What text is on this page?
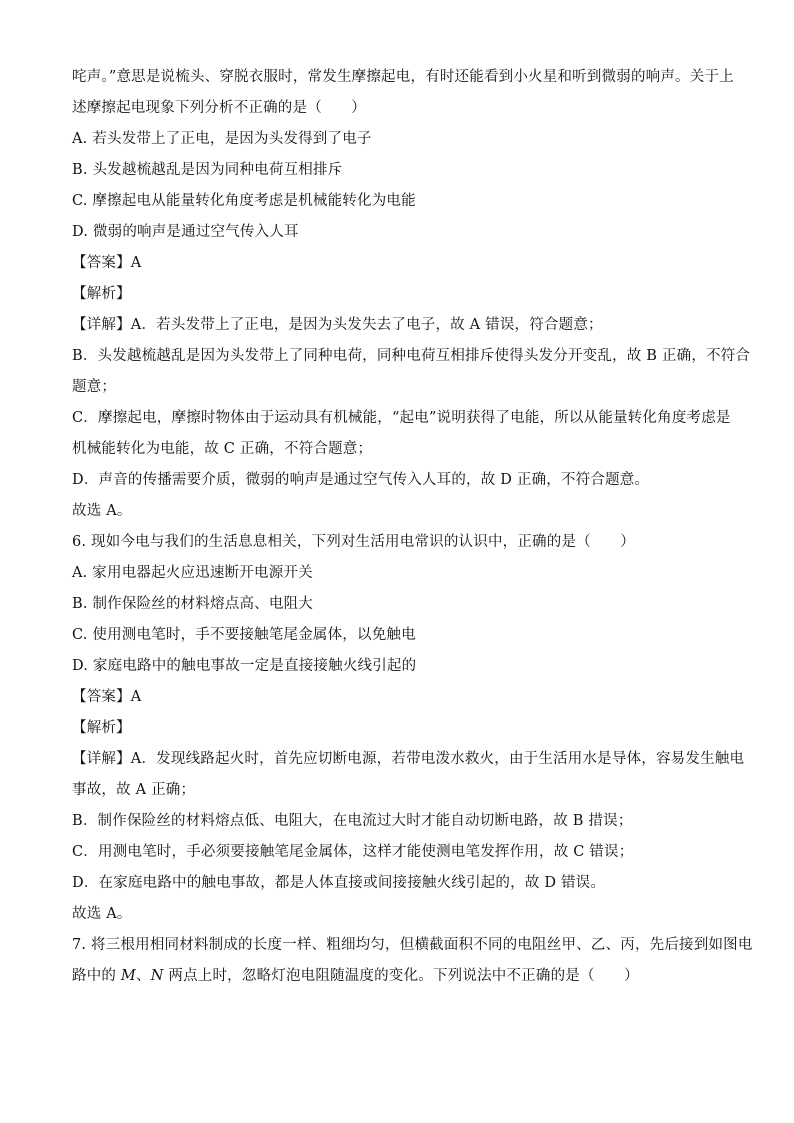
咤声。”意思是说梳头、穿脱衣服时，常发生摩擦起电，有时还能看到小火星和听到微弱的响声。关于上
述摩擦起电现象下列分析不正确的是（　　）
A. 若头发带上了正电，是因为头发得到了电子
B. 头发越梳越乱是因为同种电荷互相排斥
C. 摩擦起电从能量转化角度考虑是机械能转化为电能
D. 微弱的响声是通过空气传入人耳
【答案】A
【解析】
【详解】A．若头发带上了正电，是因为头发失去了电子，故 A 错误，符合题意；
B．头发越梳越乱是因为头发带上了同种电荷，同种电荷互相排斥使得头发分开变乱，故 B 正确，不符合
题意；
C．摩擦起电，摩擦时物体由于运动具有机械能，“起电”说明获得了电能，所以从能量转化角度考虑是
机械能转化为电能，故 C 正确，不符合题意；
D．声音的传播需要介质，微弱的响声是通过空气传入人耳的，故 D 正确，不符合题意。
故选 A。
6. 现如今电与我们的生活息息相关，下列对生活用电常识的认识中，正确的是（　　）
A. 家用电器起火应迅速断开电源开关
B. 制作保险丝的材料熔点高、电阻大
C. 使用测电笔时，手不要接触笔尾金属体，以免触电
D. 家庭电路中的触电事故一定是直接接触火线引起的
【答案】A
【解析】
【详解】A．发现线路起火时，首先应切断电源，若带电泼水救火，由于生活用水是导体，容易发生触电
事故，故 A 正确；
B．制作保险丝的材料熔点低、电阻大，在电流过大时才能自动切断电路，故 B 措误；
C．用测电笔时，手必须要接触笔尾金属体，这样才能使测电笔发挥作用，故 C 错误；
D．在家庭电路中的触电事故，都是人体直接或间接接触火线引起的，故 D 错误。
故选 A。
7. 将三根用相同材料制成的长度一样、粗细均匀，但横截面积不同的电阻丝甲、乙、丙，先后接到如图电
路中的 M、N 两点上时，忽略灯泡电阻随温度的变化。下列说法中不正确的是（　　）
